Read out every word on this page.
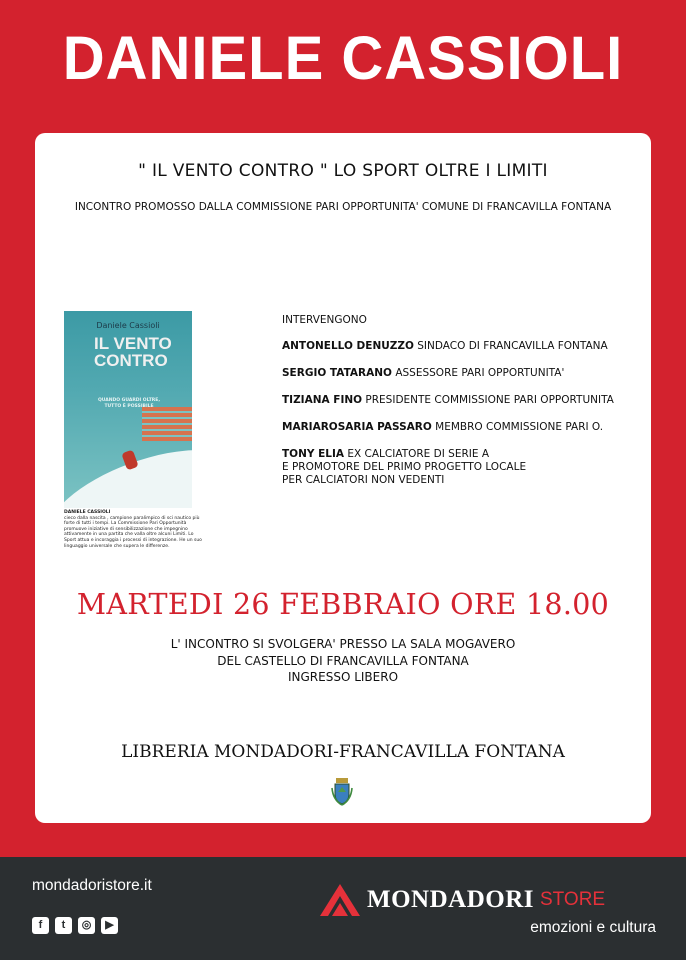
DANIELE CASSIOLI
" IL VENTO CONTRO " LO SPORT OLTRE I LIMITI
INCONTRO PROMOSSO DALLA COMMISSIONE PARI OPPORTUNITA' COMUNE DI FRANCAVILLA FONTANA
Daniele Cassioli
IL VENTO
CONTRO
QUANDO GUARDI OLTRE,
TUTTO È POSSIBILE
DANIELE CASSIOLI
cieco dalla nascita , campione paralimpico di sci nautico più forte di tutti i tempi. La Commissione Pari Opportunità promuove iniziative di sensibilizzazione che impegnino attivamente in una partita che valla oltre alcuni Limiti. Lo Sport attua e incoraggia i processi di integrazione. He un suo linguaggio universale che supera le differenze.
INTERVENGONO
ANTONELLO DENUZZO SINDACO DI FRANCAVILLA FONTANA
SERGIO TATARANO ASSESSORE PARI OPPORTUNITA'
TIZIANA FINO PRESIDENTE COMMISSIONE PARI OPPORTUNITA
MARIAROSARIA PASSARO MEMBRO COMMISSIONE PARI O.
TONY ELIA EX CALCIATORE DI SERIE A
E PROMOTORE DEL PRIMO PROGETTO LOCALE
PER CALCIATORI NON VEDENTI
MARTEDI 26 FEBBRAIO ORE 18.00
L' INCONTRO SI SVOLGERA' PRESSO LA SALA MOGAVERO
DEL CASTELLO DI FRANCAVILLA FONTANA
INGRESSO LIBERO
LIBRERIA MONDADORI-FRANCAVILLA FONTANA
mondadoristore.it
f	t	◎	▶
MONDADORI STORE
emozioni e cultura
